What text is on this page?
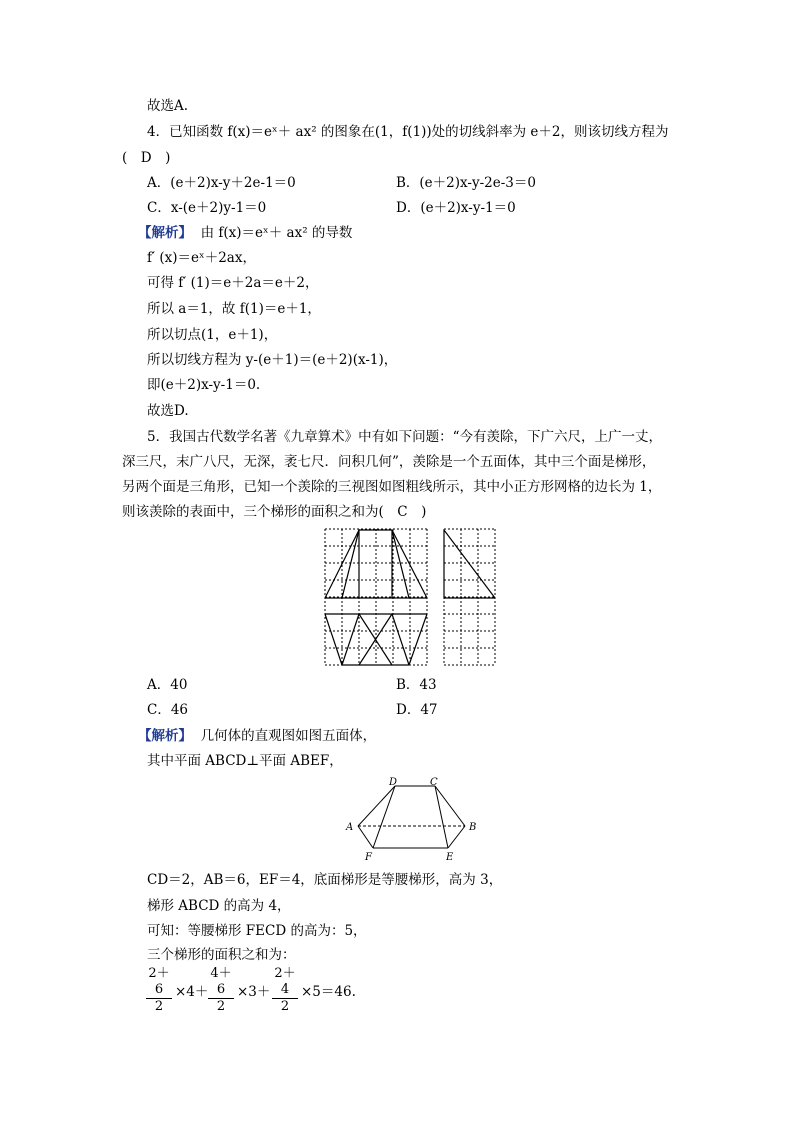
故选A.
4．已知函数 f(x)＝eˣ＋ ax² 的图象在(1，f(1))处的切线斜率为 e＋2，则该切线方程为
(　D　)
A．(e＋2)x-y＋2e-1＝0	B．(e＋2)x-y-2e-3＝0
C．x-(e＋2)y-1＝0	D．(e＋2)x-y-1＝0
【解析】 由 f(x)＝eˣ＋ ax² 的导数
f′ (x)＝eˣ＋2ax，
可得 f′ (1)＝e＋2a＝e＋2，
所以 a＝1，故 f(1)＝e＋1，
所以切点(1，e＋1)，
所以切线方程为 y-(e＋1)＝(e＋2)(x-1)，
即(e＋2)x-y-1＝0.
故选D.
5．我国古代数学名著《九章算术》中有如下问题：“今有羡除，下广六尺，上广一丈，
深三尺，末广八尺，无深，袤七尺．问积几何”，羡除是一个五面体，其中三个面是梯形，
另两个面是三角形，已知一个羡除的三视图如图粗线所示，其中小正方形网格的边长为 1，
则该羡除的表面中，三个梯形的面积之和为(　C　)
A．40	B．43
C．46	D．47
【解析】 几何体的直观图如图五面体，
其中平面 ABCD⊥平面 ABEF，
D	C
A	B
F	E
CD＝2，AB＝6，EF＝4，底面梯形是等腰梯形，高为 3，
梯形 ABCD 的高为 4，
可知：等腰梯形 FECD 的高为：5，
三个梯形的面积之和为：
$\frac{2+6}{2} \times 4+ \frac{4+6}{2} \times 3+ \frac{2+4}{2} \times 5=46$.
